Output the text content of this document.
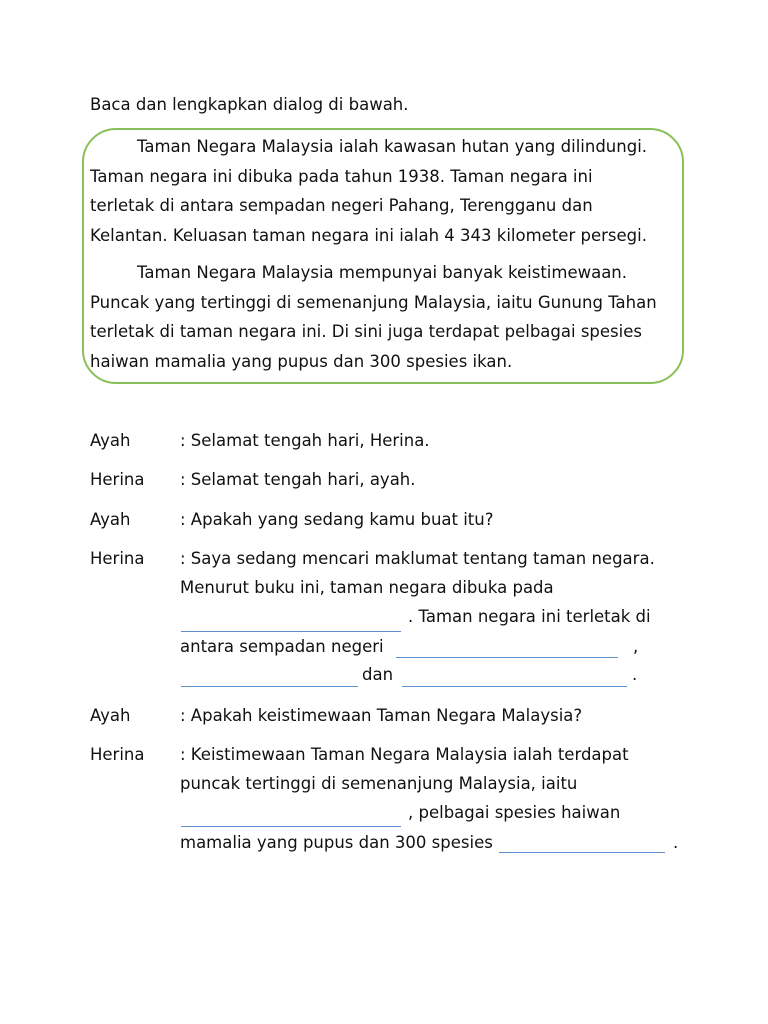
Baca dan lengkapkan dialog di bawah.
Taman Negara Malaysia ialah kawasan hutan yang dilindungi.
Taman negara ini dibuka pada tahun 1938. Taman negara ini
terletak di antara sempadan negeri Pahang, Terengganu dan
Kelantan. Keluasan taman negara ini ialah 4 343 kilometer persegi.
Taman Negara Malaysia mempunyai banyak keistimewaan.
Puncak yang tertinggi di semenanjung Malaysia, iaitu Gunung Tahan
terletak di taman negara ini. Di sini juga terdapat pelbagai spesies
haiwan mamalia yang pupus dan 300 spesies ikan.
Ayah	: Selamat tengah hari, Herina.
Herina : Selamat tengah hari, ayah.
Ayah	: Apakah yang sedang kamu buat itu?
Herina : Saya sedang mencari maklumat tentang taman negara.
Menurut buku ini, taman negara dibuka pada
. Taman negara ini terletak di
antara sempadan negeri	,
dan	.
Ayah	: Apakah keistimewaan Taman Negara Malaysia?
Herina : Keistimewaan Taman Negara Malaysia ialah terdapat
puncak tertinggi di semenanjung Malaysia, iaitu
, pelbagai spesies haiwan
mamalia yang pupus dan 300 spesies	.
